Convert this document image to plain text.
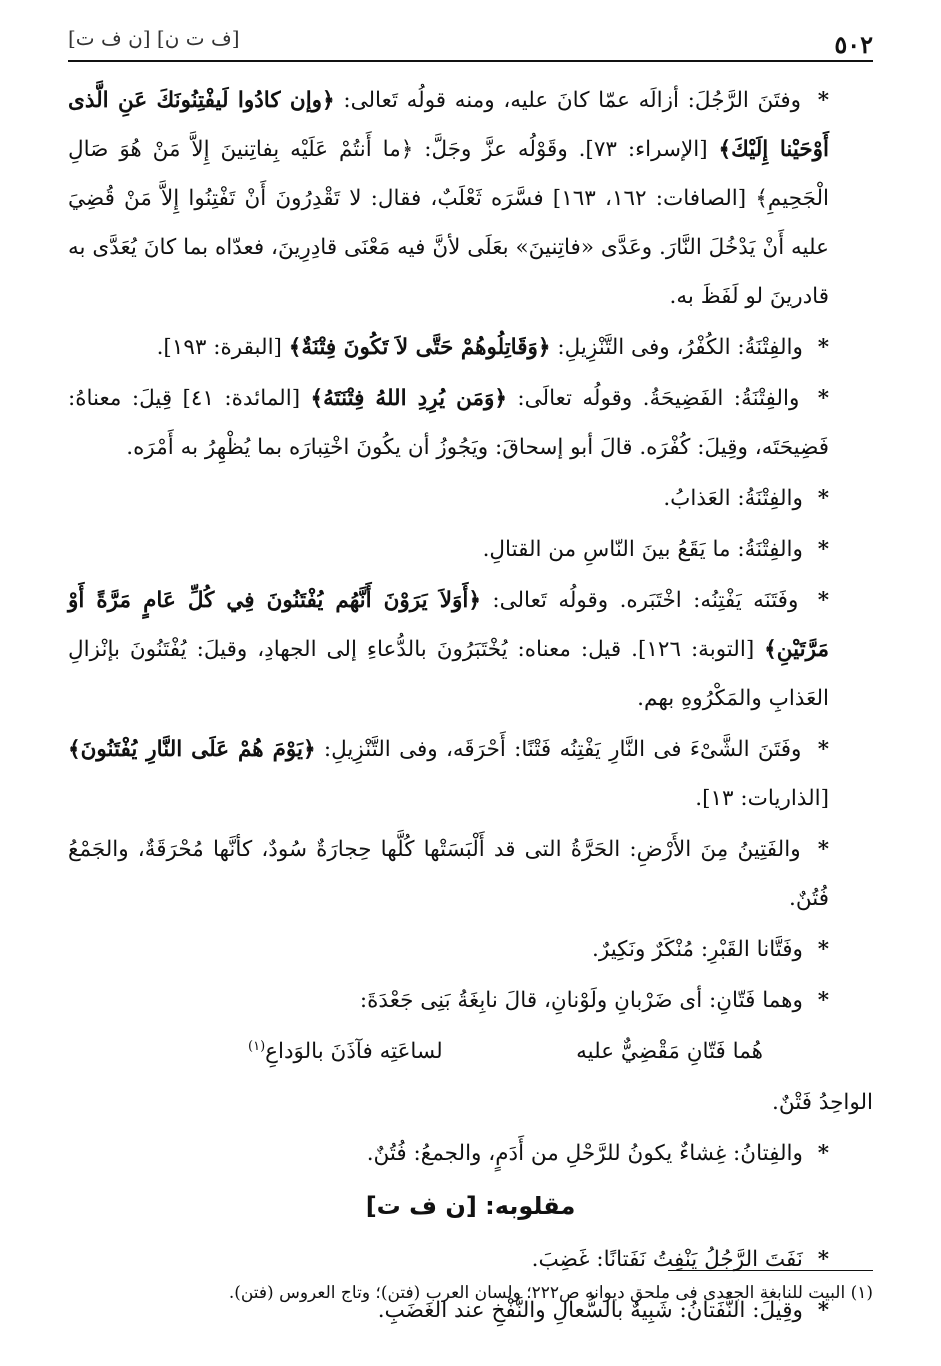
٥٠٢
[ف ت ن] [ن ف ت]

* وفتَنَ الرَّجُلَ: أزالَه عمّا كانَ عليه، ومنه قولُه تَعالى: ﴿وإن كادُوا لَيفْتِنُونَكَ عَنِ الَّذى أَوْحَيْنا إِلَيْكَ﴾ [الإسراء: ٧٣]. وقَوْلُه عزَّ وجَلَّ: ﴿ما أَنتُمْ عَلَيْه بِفاتِنينَ إِلاَّ مَنْ هُوَ صَالِ الْجَحِيمِ﴾ [الصافات: ١٦٢، ١٦٣] فسَّرَه ثَعْلَبٌ، فقال: لا تَقْدِرُونَ أَنْ تَفْتِنُوا إِلاَّ مَنْ قُضِيَ عليه أَنْ يَدْخُلَ النَّارَ. وعَدَّى «فاتِنينَ» بعَلَى لأنَّ فيه مَعْنَى قادِرِينَ، فعدّاه بما كانَ يُعَدَّى به قادرينَ لو لَفَظَ به.

* والفِتْنَةُ: الكُفْرُ، وفى التَّنْزِيلِ: ﴿وَقَاتِلُوهُمْ حَتَّى لاَ تَكُونَ فِتْنَةٌ﴾ [البقرة: ١٩٣].

* والفِتْنَةُ: الفَضِيحَةُ. وقولُه تعالَى: ﴿وَمَن يُرِدِ اللهُ فِتْنَتَهُ﴾ [المائدة: ٤١] قِيلَ: معناهُ: فَضِيحَتَه، وقِيلَ: كُفْرَه. قالَ أبو إسحاقَ: ويَجُوزُ أن يكُونَ اخْتِبارَه بما يُظْهِرُ به أَمْرَه.

* والفِتْنَةُ: العَذابُ.

* والفِتْنَةُ: ما يَقَعُ بينَ النّاسِ من القتالِ.

* وفَتَنَه يَفْتِنُه: اخْتَبَره. وقولُه تَعالى: ﴿أَوَلاَ يَرَوْنَ أَنَّهُم يُفْتَنُونَ فِي كُلِّ عَامٍ مَرَّةً أَوْ مَرَّتَيْنِ﴾ [التوبة: ١٢٦]. قيل: معناه: يُخْتَبَرُونَ بالدُّعاءِ إلى الجهادِ، وقيلَ: يُفْتَنُونَ بإنْزالِ العَذابِ والمَكْرُوهِ بهم.

* وفَتَنَ الشَّىْءَ فى النَّارِ يَفْتِنُه فَتْنًا: أَحْرَقَه، وفى التَّنْزِيلِ: ﴿يَوْمَ هُمْ عَلَى النَّارِ يُفْتَنُونَ﴾ [الذاريات: ١٣].

* والفَتِينُ مِنَ الأَرْضِ: الحَرَّةُ التى قد أَلْبَسَتْها كُلَّها حِجارَةٌ سُودٌ، كأنَّها مُحْرَقَةٌ، والجَمْعُ فُتُنٌ.

* وفَتَّانا القَبْرِ: مُنْكَرٌ ونَكِيرٌ.

* وهما فَتّانِ: أى ضَرْبانِ ولَوْنانِ، قالَ نابِغَةُ بَنِى جَعْدَةَ:

هُما فَتّانِ مَقْضِيٌّ عليه
لساعَتِه فآذَنَ بالوَداعِ$^{(١)}$

الواحِدُ فَتْنٌ.

* والفِتانُ: غِشاءٌ يكونُ للرَّحْلِ من أَدَمٍ، والجمعُ: فُتُنٌ.

مقلوبه: [ن ف ت]

* نَفَتَ الرَّجُلُ يَنْفِتُ نَفَتانًا: غَضِبَ.

* وقِيلَ: النَّفَتانُ: شَبِيهٌ بالسُّعالِ والنَّفْخِ عند الغَضَبِ.

(١) البيت للنابغة الجعدى فى ملحق ديوانه ص٢٢٢؛ ولسان العرب (فتن)؛ وتاج العروس (فتن).
